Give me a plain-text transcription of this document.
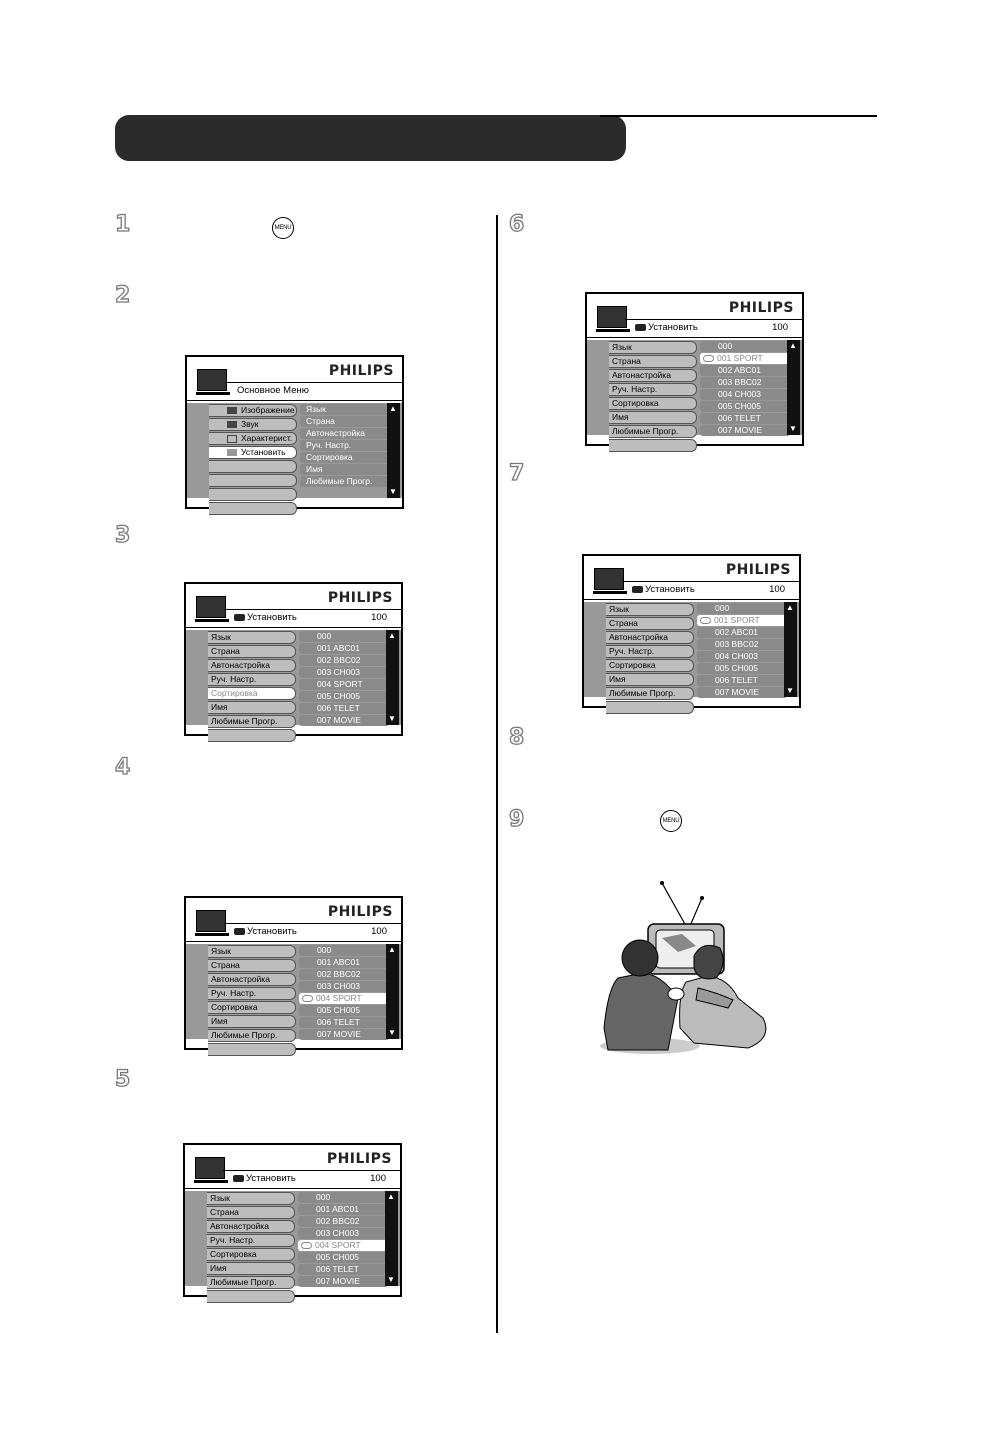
1	MENU
2
3
4
5
6
7
8
9	MENU
PHILIPS
Основное Меню
Изображение
Звук
Характерист.
Установить
Язык
Страна
Автонастройка
Руч. Настр.
Сортировка
Имя
Любимые Прогр.
▲
▼
PHILIPS
Установить	100
Язык
Страна
Автонастройка
Руч. Настр.
Сортировка
Имя
Любимые Прогр.
000
001 ABC01
002 BBC02
003 CH003
004 SPORT
005 CH005
006 TELET
007 MOVIE
▲
▼
PHILIPS
Установить	100
Язык
Страна
Автонастройка
Руч. Настр.
Сортировка
Имя
Любимые Прогр.
000
001 ABC01
002 BBC02
003 CH003
004 SPORT
005 CH005
006 TELET
007 MOVIE
▲
▼
PHILIPS
Установить	100
Язык
Страна
Автонастройка
Руч. Настр.
Сортировка
Имя
Любимые Прогр.
000
001 ABC01
002 BBC02
003 CH003
004 SPORT
005 CH005
006 TELET
007 MOVIE
▲
▼
PHILIPS
Установить	100
Язык
Страна
Автонастройка
Руч. Настр.
Сортировка
Имя
Любимые Прогр.
000
001 SPORT
002 ABC01
003 BBC02
004 CH003
005 CH005
006 TELET
007 MOVIE
▲
▼
PHILIPS
Установить	100
Язык
Страна
Автонастройка
Руч. Настр.
Сортировка
Имя
Любимые Прогр.
000
001 SPORT
002 ABC01
003 BBC02
004 CH003
005 CH005
006 TELET
007 MOVIE
▲
▼
